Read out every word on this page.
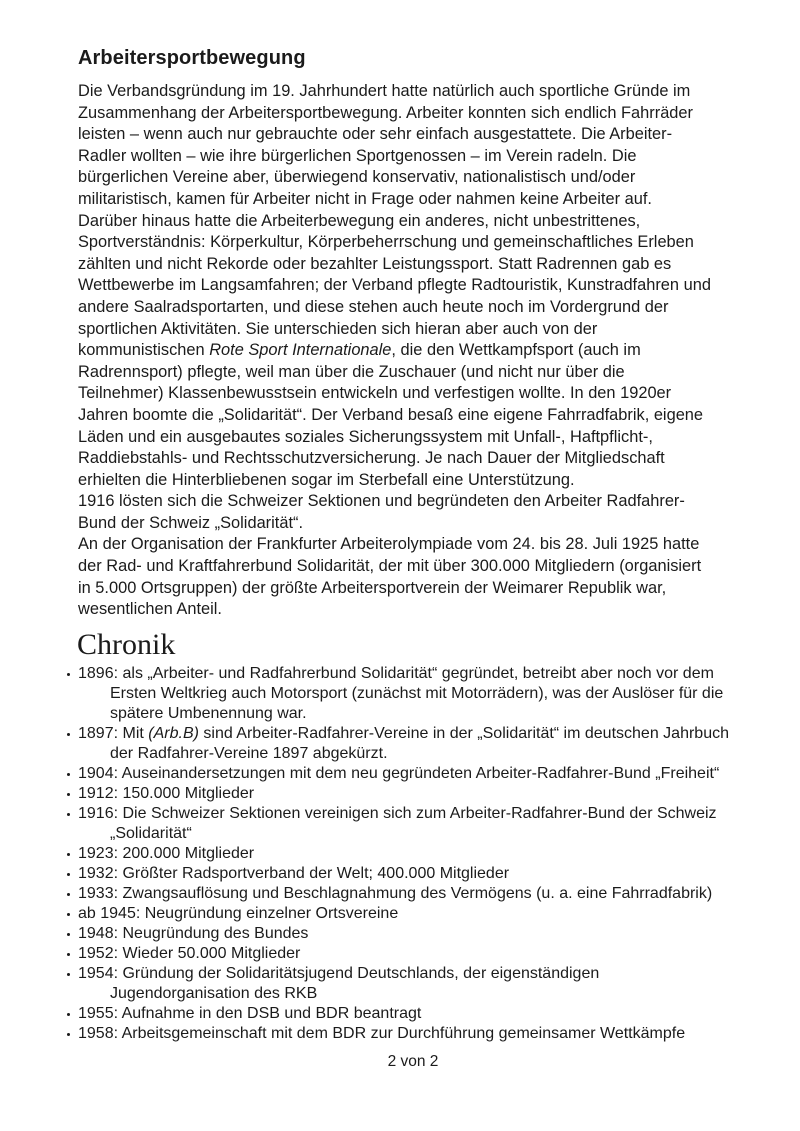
Arbeitersportbewegung
Die Verbandsgründung im 19. Jahrhundert hatte natürlich auch sportliche Gründe im
Zusammenhang der Arbeitersportbewegung. Arbeiter konnten sich endlich Fahrräder
leisten – wenn auch nur gebrauchte oder sehr einfach ausgestattete. Die Arbeiter-
Radler wollten – wie ihre bürgerlichen Sportgenossen – im Verein radeln. Die
bürgerlichen Vereine aber, überwiegend konservativ, nationalistisch und/oder
militaristisch, kamen für Arbeiter nicht in Frage oder nahmen keine Arbeiter auf.
Darüber hinaus hatte die Arbeiterbewegung ein anderes, nicht unbestrittenes,
Sportverständnis: Körperkultur, Körperbeherrschung und gemeinschaftliches Erleben
zählten und nicht Rekorde oder bezahlter Leistungssport. Statt Radrennen gab es
Wettbewerbe im Langsamfahren; der Verband pflegte Radtouristik, Kunstradfahren und
andere Saalradsportarten, und diese stehen auch heute noch im Vordergrund der
sportlichen Aktivitäten. Sie unterschieden sich hieran aber auch von der
kommunistischen Rote Sport Internationale, die den Wettkampfsport (auch im
Radrennsport) pflegte, weil man über die Zuschauer (und nicht nur über die
Teilnehmer) Klassenbewusstsein entwickeln und verfestigen wollte. In den 1920er
Jahren boomte die „Solidarität“. Der Verband besaß eine eigene Fahrradfabrik, eigene
Läden und ein ausgebautes soziales Sicherungssystem mit Unfall-, Haftpflicht-,
Raddiebstahls- und Rechtsschutzversicherung. Je nach Dauer der Mitgliedschaft
erhielten die Hinterbliebenen sogar im Sterbefall eine Unterstützung.
1916 lösten sich die Schweizer Sektionen und begründeten den Arbeiter Radfahrer-
Bund der Schweiz „Solidarität“.
An der Organisation der Frankfurter Arbeiterolympiade vom 24. bis 28. Juli 1925 hatte
der Rad- und Kraftfahrerbund Solidarität, der mit über 300.000 Mitgliedern (organisiert
in 5.000 Ortsgruppen) der größte Arbeitersportverein der Weimarer Republik war,
wesentlichen Anteil.
Chronik
1896: als „Arbeiter- und Radfahrerbund Solidarität“ gegründet, betreibt aber noch vor dem
Ersten Weltkrieg auch Motorsport (zunächst mit Motorrädern), was der Auslöser für die
spätere Umbenennung war.
1897: Mit (Arb.B) sind Arbeiter-Radfahrer-Vereine in der „Solidarität“ im deutschen Jahrbuch
der Radfahrer-Vereine 1897 abgekürzt.
1904: Auseinandersetzungen mit dem neu gegründeten Arbeiter-Radfahrer-Bund „Freiheit“
1912: 150.000 Mitglieder
1916: Die Schweizer Sektionen vereinigen sich zum Arbeiter-Radfahrer-Bund der Schweiz
„Solidarität“
1923: 200.000 Mitglieder
1932: Größter Radsportverband der Welt; 400.000 Mitglieder
1933: Zwangsauflösung und Beschlagnahmung des Vermögens (u. a. eine Fahrradfabrik)
ab 1945: Neugründung einzelner Ortsvereine
1948: Neugründung des Bundes
1952: Wieder 50.000 Mitglieder
1954: Gründung der Solidaritätsjugend Deutschlands, der eigenständigen
Jugendorganisation des RKB
1955: Aufnahme in den DSB und BDR beantragt
1958: Arbeitsgemeinschaft mit dem BDR zur Durchführung gemeinsamer Wettkämpfe
2 von 2
